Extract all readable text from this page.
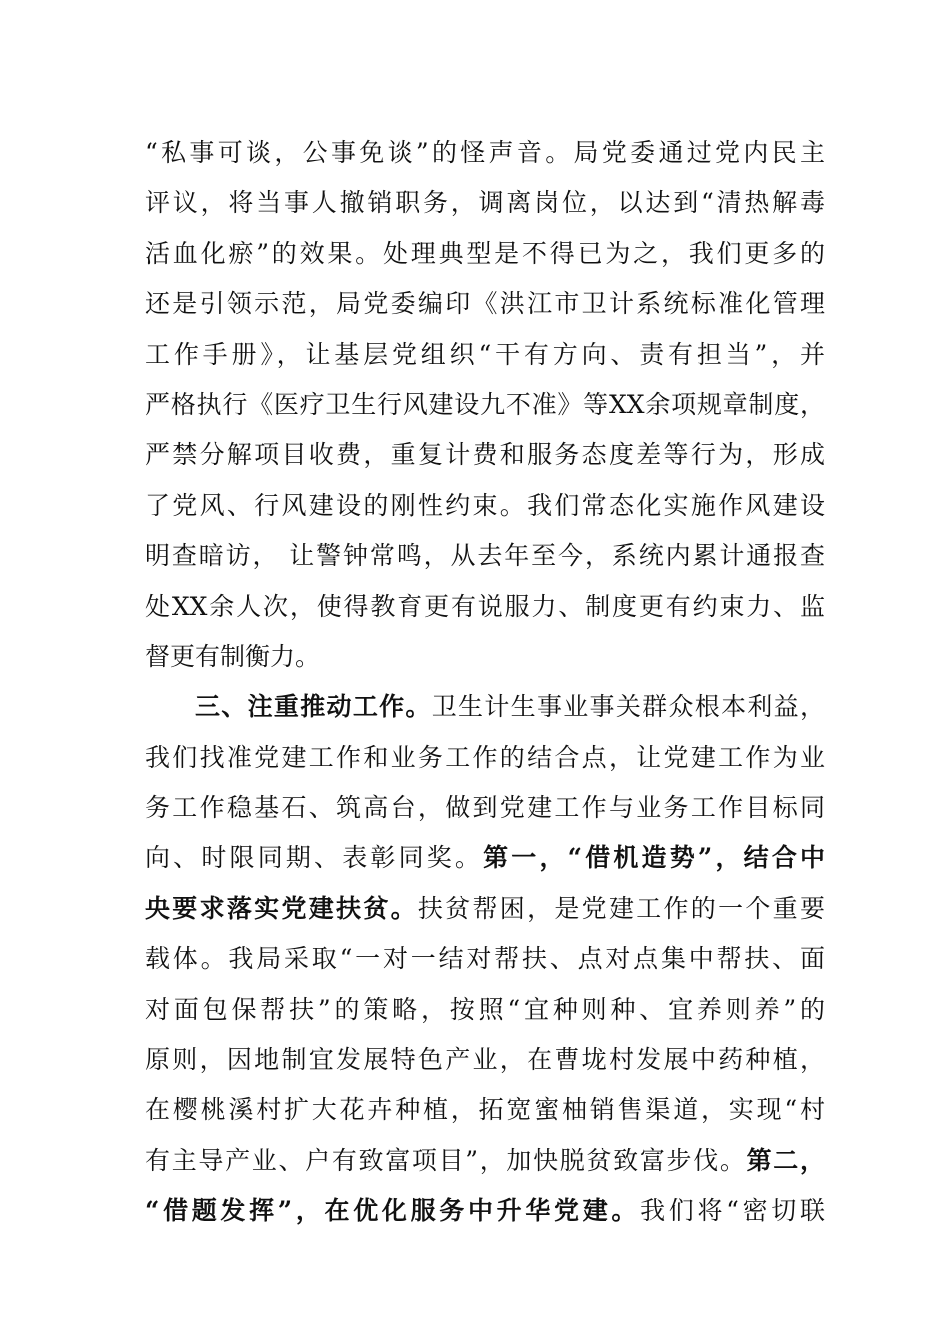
“私事可谈，公事免谈”的怪声音。局党委通过党内民主
评议，将当事人撤销职务，调离岗位，以达到“清热解毒
活血化瘀”的效果。处理典型是不得已为之，我们更多的
还是引领示范，局党委编印《洪江市卫计系统标准化管理
工作手册》，让基层党组织“干有方向、责有担当”，并
严格执行《医疗卫生行风建设九不准》等XX余项规章制度，
严禁分解项目收费，重复计费和服务态度差等行为，形成
了党风、行风建设的刚性约束。我们常态化实施作风建设
明查暗访， 让警钟常鸣，从去年至今，系统内累计通报查
处XX余人次，使得教育更有说服力、制度更有约束力、监
督更有制衡力。
三、注重推动工作。卫生计生事业事关群众根本利益，
我们找准党建工作和业务工作的结合点，让党建工作为业
务工作稳基石、筑高台，做到党建工作与业务工作目标同
向、时限同期、表彰同奖。第一，“借机造势”，结合中
央要求落实党建扶贫。扶贫帮困，是党建工作的一个重要
载体。我局采取“一对一结对帮扶、点对点集中帮扶、面
对面包保帮扶”的策略，按照“宜种则种、宜养则养”的
原则，因地制宜发展特色产业，在曹垅村发展中药种植，
在樱桃溪村扩大花卉种植，拓宽蜜柚销售渠道，实现“村
有主导产业、户有致富项目”，加快脱贫致富步伐。第二，
“借题发挥”，在优化服务中升华党建。我们将“密切联
